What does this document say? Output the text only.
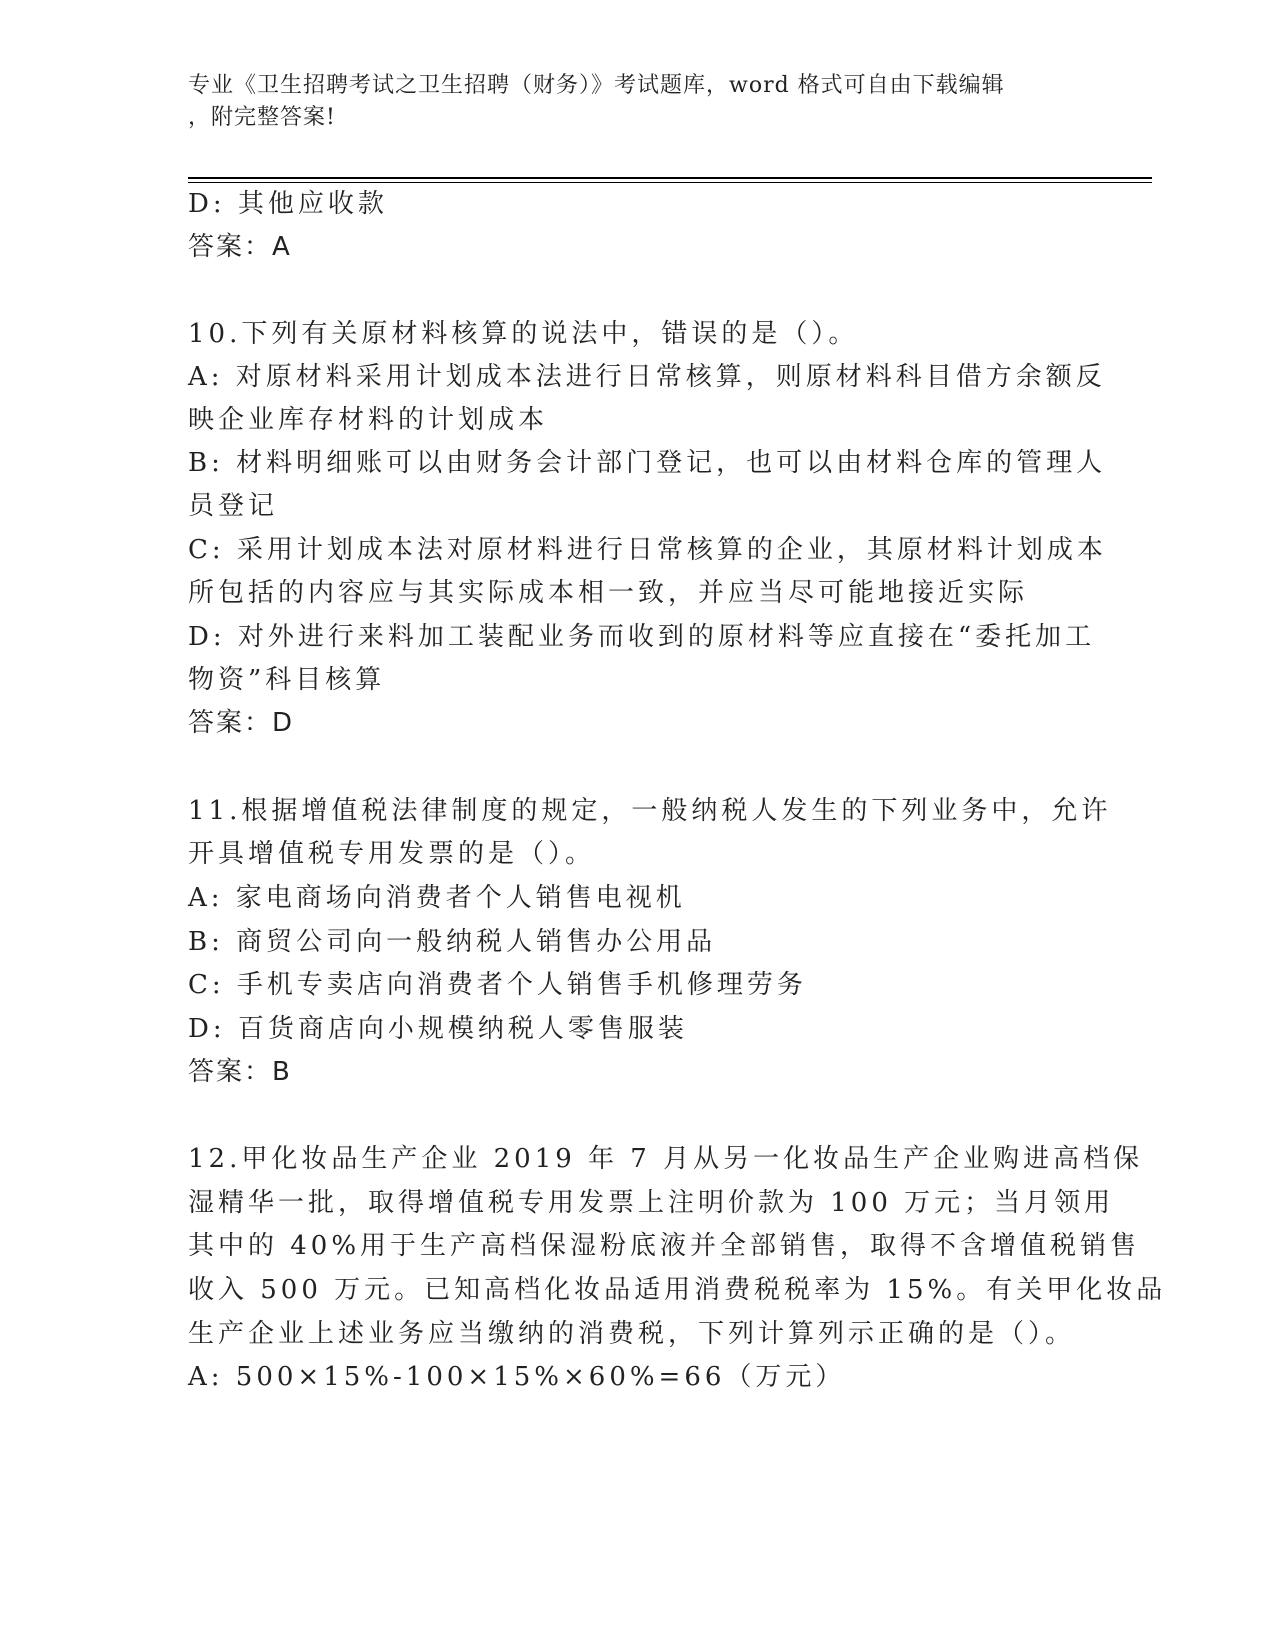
专业《卫生招聘考试之卫生招聘（财务）》考试题库，word 格式可自由下载编辑
，附完整答案!
D: 其他应收款
答案：A
10.下列有关原材料核算的说法中，错误的是（）。
A: 对原材料采用计划成本法进行日常核算，则原材料科目借方余额反
映企业库存材料的计划成本
B: 材料明细账可以由财务会计部门登记，也可以由材料仓库的管理人
员登记
C: 采用计划成本法对原材料进行日常核算的企业，其原材料计划成本
所包括的内容应与其实际成本相一致，并应当尽可能地接近实际
D: 对外进行来料加工装配业务而收到的原材料等应直接在“委托加工
物资”科目核算
答案：D
11.根据增值税法律制度的规定，一般纳税人发生的下列业务中，允许
开具增值税专用发票的是（）。
A: 家电商场向消费者个人销售电视机
B: 商贸公司向一般纳税人销售办公用品
C: 手机专卖店向消费者个人销售手机修理劳务
D: 百货商店向小规模纳税人零售服装
答案：B
12.甲化妆品生产企业 2019 年 7 月从另一化妆品生产企业购进高档保
湿精华一批，取得增值税专用发票上注明价款为 100 万元；当月领用
其中的 40%用于生产高档保湿粉底液并全部销售，取得不含增值税销售
收入 500 万元。已知高档化妆品适用消费税税率为 15%。有关甲化妆品
生产企业上述业务应当缴纳的消费税，下列计算列示正确的是（）。
A: 500×15%-100×15%×60%=66（万元）
